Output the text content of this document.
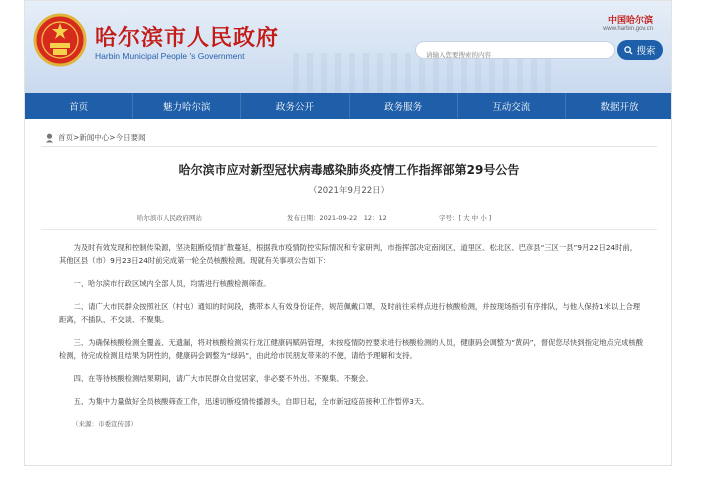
哈尔滨市人民政府
Harbin Municipal People 's Government
中国哈尔滨
www.harbin.gov.cn
请输入您要搜索的内容
搜索
首页	魅力哈尔滨	政务公开	政务服务	互动交流	数据开放
首页>新闻中心>今日要闻
哈尔滨市应对新型冠状病毒感染肺炎疫情工作指挥部第29号公告
（2021年9月22日）
哈尔滨市人民政府网站	发布日期：2021-09-22　12：12	字号：[ 大 中 小 ]

为及时有效发现和控制传染源，坚决阻断疫情扩散蔓延，根据我市疫情防控实际情况和专家研判，市指挥部决定南岗区、道里区、松北区、巴彦县“三区一县”9月22日24时前，其他区县（市）9月23日24时前完成第一轮全员核酸检测。现就有关事项公告如下：

一、哈尔滨市行政区域内全部人员，均需进行核酸检测筛查。

二、请广大市民群众按照社区（村屯）通知的时间段，携带本人有效身份证件，规范佩戴口罩，及时前往采样点进行核酸检测，并按现场指引有序排队，与他人保持1米以上合理距离，不插队、不交谈、不聚集。

三、为确保核酸检测全覆盖、无遗漏，将对核酸检测实行龙江健康码赋码管理，未按疫情防控要求进行核酸检测的人员，健康码会调整为“黄码”，督促您尽快到指定地点完成核酸检测，待完成检测且结果为阴性的，健康码会调整为“绿码”，由此给市民朋友带来的不便，请给予理解和支持。

四、在等待核酸检测结果期间，请广大市民群众自觉居家，非必要不外出、不聚集、不聚会。

五、为集中力量做好全员核酸筛查工作，迅速切断疫情传播源头，自即日起，全市新冠疫苗接种工作暂停3天。

（来源：市委宣传部）
